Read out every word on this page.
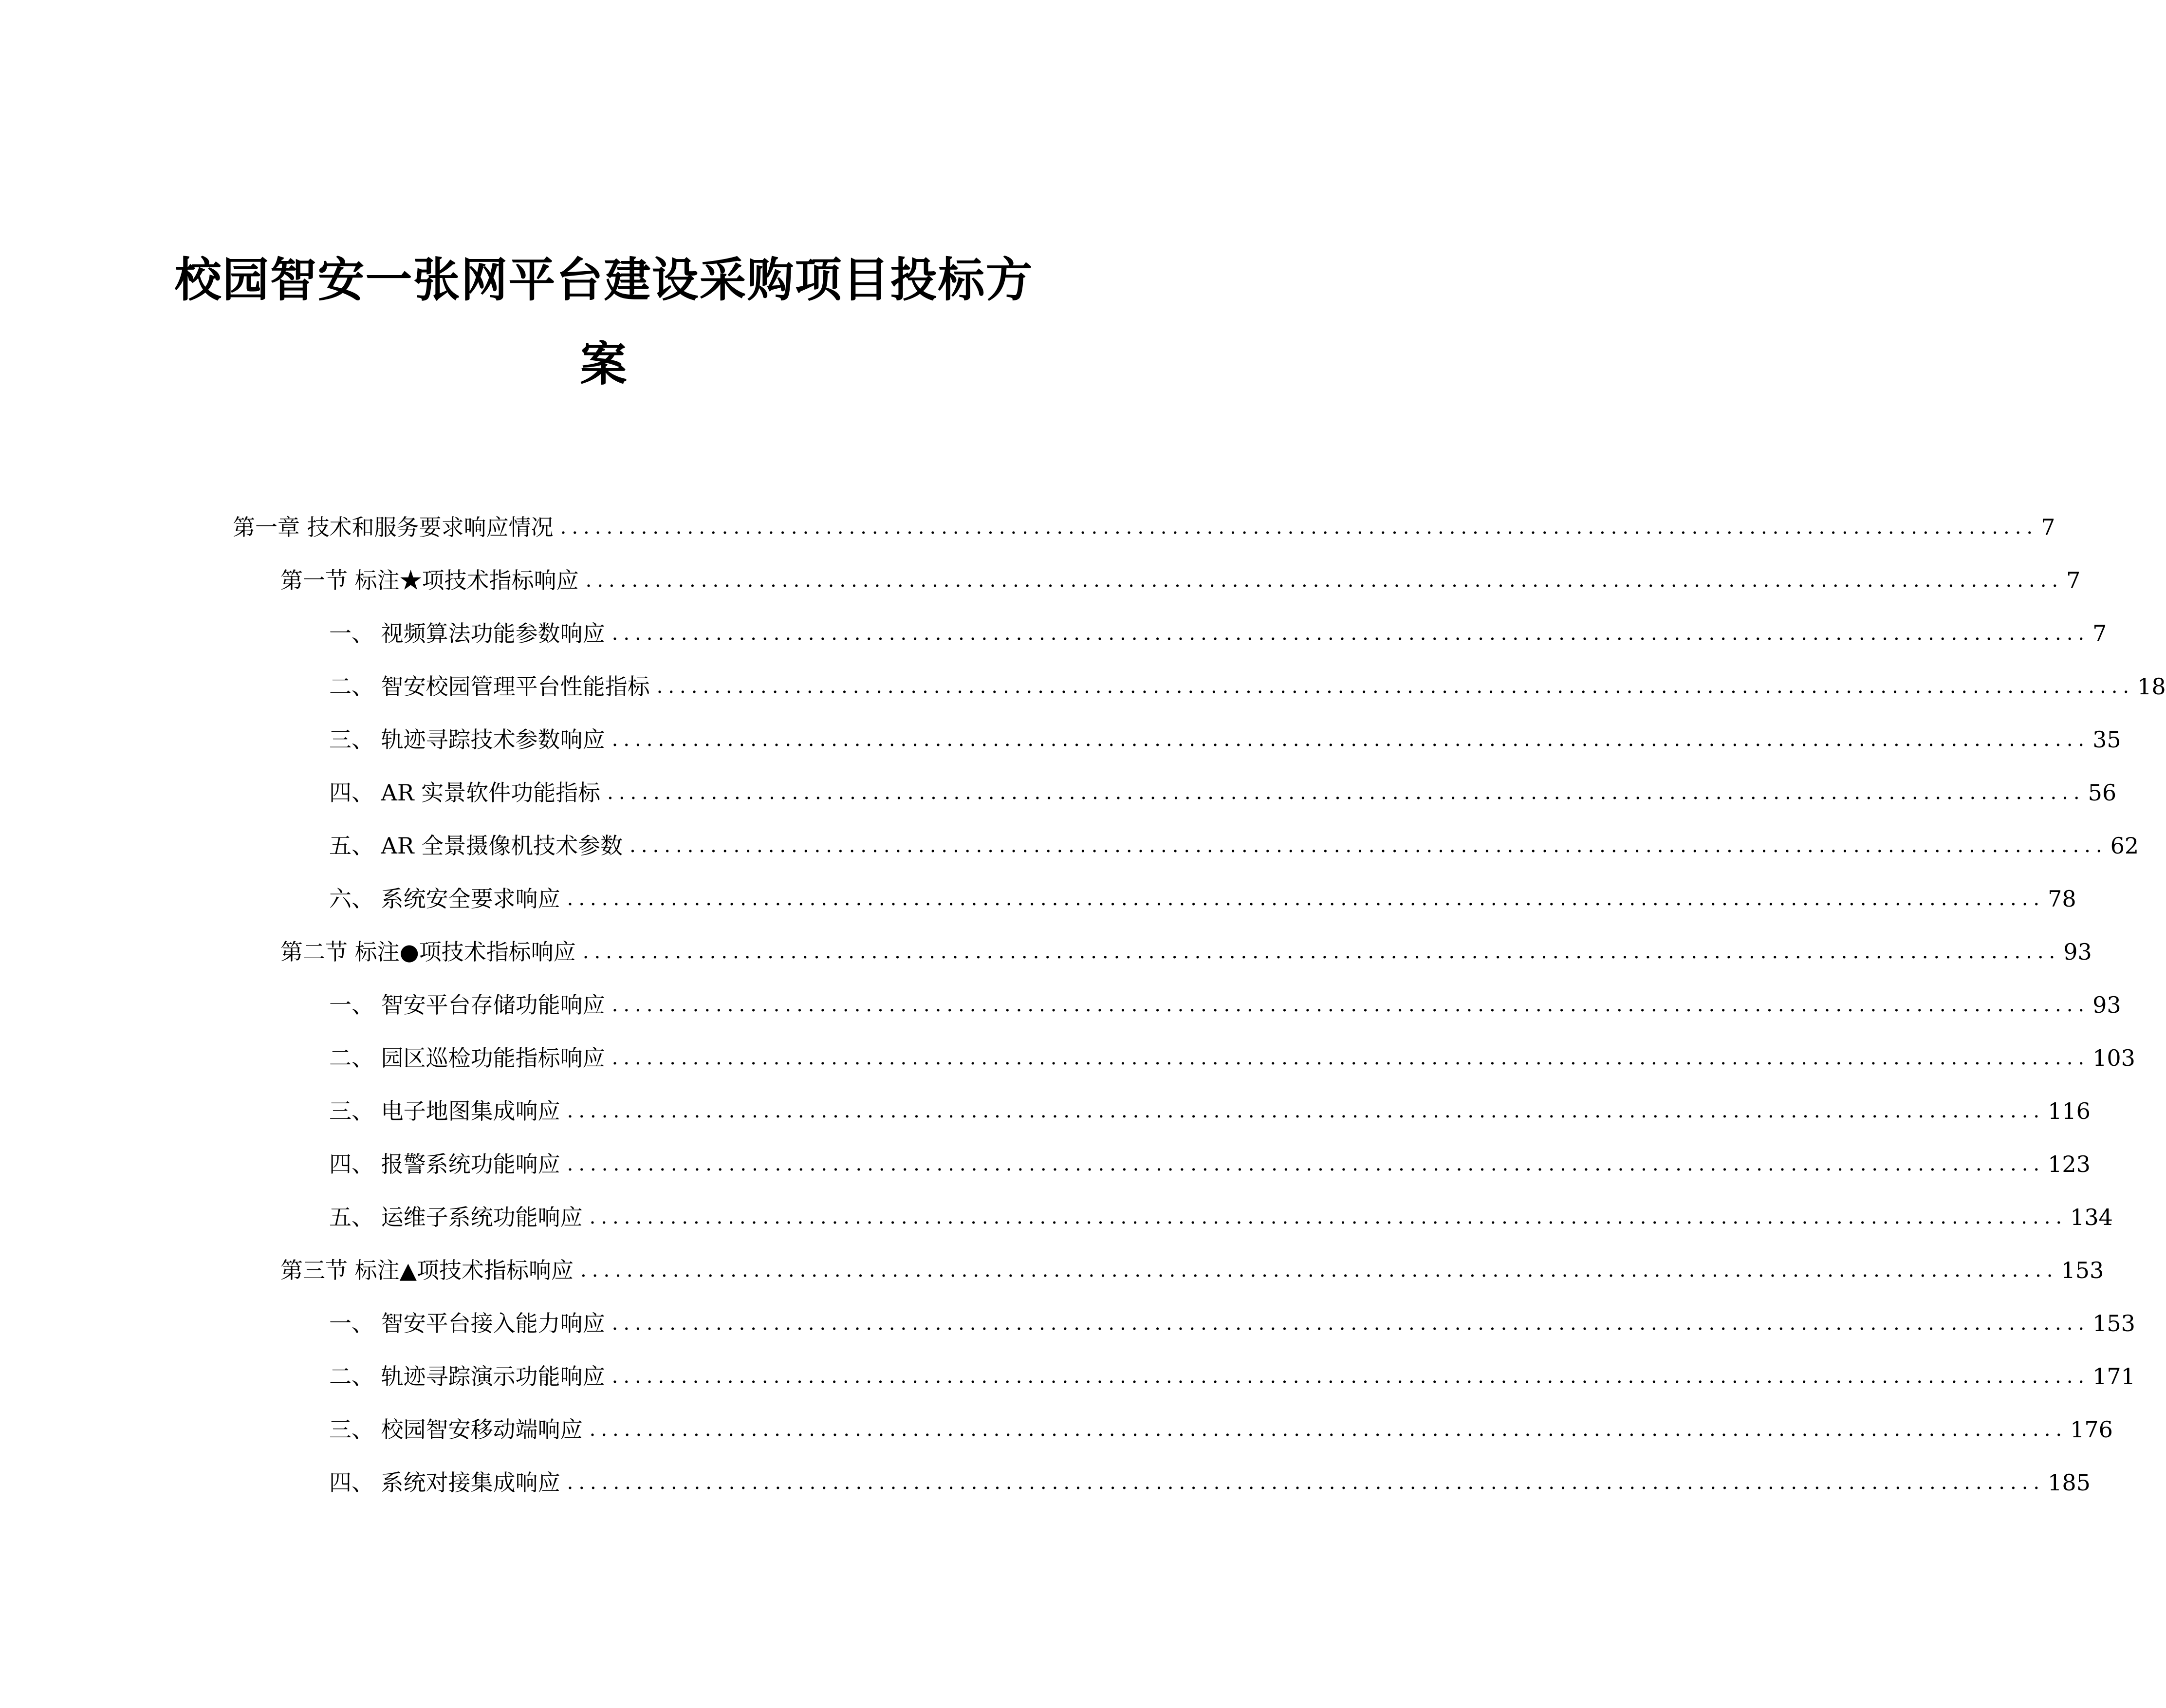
校园智安一张网平台建设采购项目投标方
案
第一章 技术和服务要求响应情况 ................................................................................................................................ 7
第一节 标注★项技术指标响应 ................................................................................................................................ 7
一、 视频算法功能参数响应 ................................................................................................................................ 7
二、 智安校园管理平台性能指标 ................................................................................................................................ 18
三、 轨迹寻踪技术参数响应 ................................................................................................................................ 35
四、 AR 实景软件功能指标 ................................................................................................................................ 56
五、 AR 全景摄像机技术参数 ................................................................................................................................ 62
六、 系统安全要求响应 ................................................................................................................................ 78
第二节 标注●项技术指标响应 ................................................................................................................................ 93
一、 智安平台存储功能响应 ................................................................................................................................ 93
二、 园区巡检功能指标响应 ................................................................................................................................ 103
三、 电子地图集成响应 ................................................................................................................................ 116
四、 报警系统功能响应 ................................................................................................................................ 123
五、 运维子系统功能响应 ................................................................................................................................ 134
第三节 标注▲项技术指标响应 ................................................................................................................................ 153
一、 智安平台接入能力响应 ................................................................................................................................ 153
二、 轨迹寻踪演示功能响应 ................................................................................................................................ 171
三、 校园智安移动端响应 ................................................................................................................................ 176
四、 系统对接集成响应 ................................................................................................................................ 185
